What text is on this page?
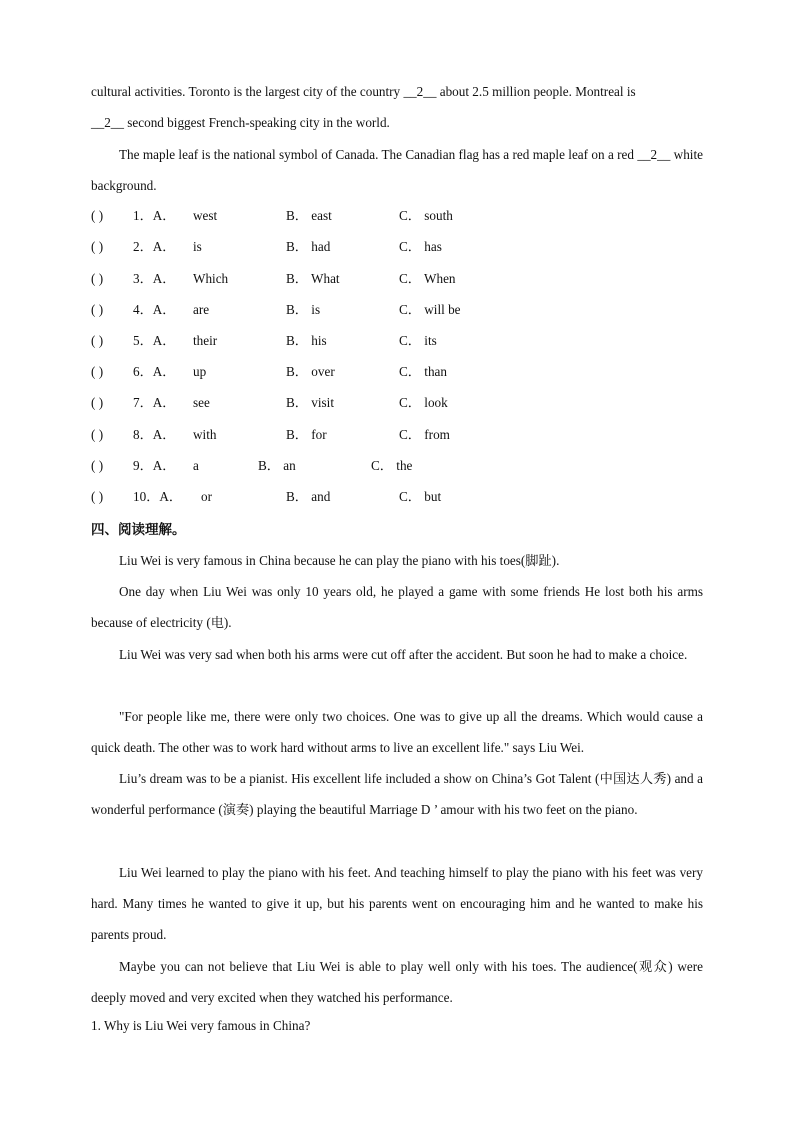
cultural activities. Toronto is the largest city of the country __2__ about 2.5 million people. Montreal is
__2__ second biggest French-speaking city in the world.
The maple leaf is the national symbol of Canada. The Canadian flag has a red maple leaf on a red __2__ white background.
( ) 1．A． west	B． east	C． south
( ) 2．A． is	B． had	C． has
( ) 3．A． Which	B． What	C． When
( ) 4．A． are	B． is	C． will be
( ) 5．A． their	B． his	C． its
( ) 6．A． up	B． over	C． than
( ) 7．A． see	B． visit	C． look
( ) 8．A． with	B． for	C． from
( ) 9．A． a	B． an	C． the
( ) 10．A． or	B． and	C． but
四、阅读理解。
Liu Wei is very famous in China because he can play the piano with his toes(脚趾).
One day when Liu Wei was only 10 years old, he played a game with some friends He lost both his arms because of electricity (电).
Liu Wei was very sad when both his arms were cut off after the accident. But soon he had to make a choice.
"For people like me, there were only two choices. One was to give up all the dreams. Which would cause a quick death. The other was to work hard without arms to live an excellent life." says Liu Wei.
Liu’s dream was to be a pianist. His excellent life included a show on China’s Got Talent (中国达人秀) and a wonderful performance (演奏) playing the beautiful Marriage D ’ amour with his two feet on the piano.
Liu Wei learned to play the piano with his feet. And teaching himself to play the piano with his feet was very hard. Many times he wanted to give it up, but his parents went on encouraging him and he wanted to make his parents proud.
Maybe you can not believe that Liu Wei is able to play well only with his toes. The audience(观众) were deeply moved and very excited when they watched his performance.
1. Why is Liu Wei very famous in China?
